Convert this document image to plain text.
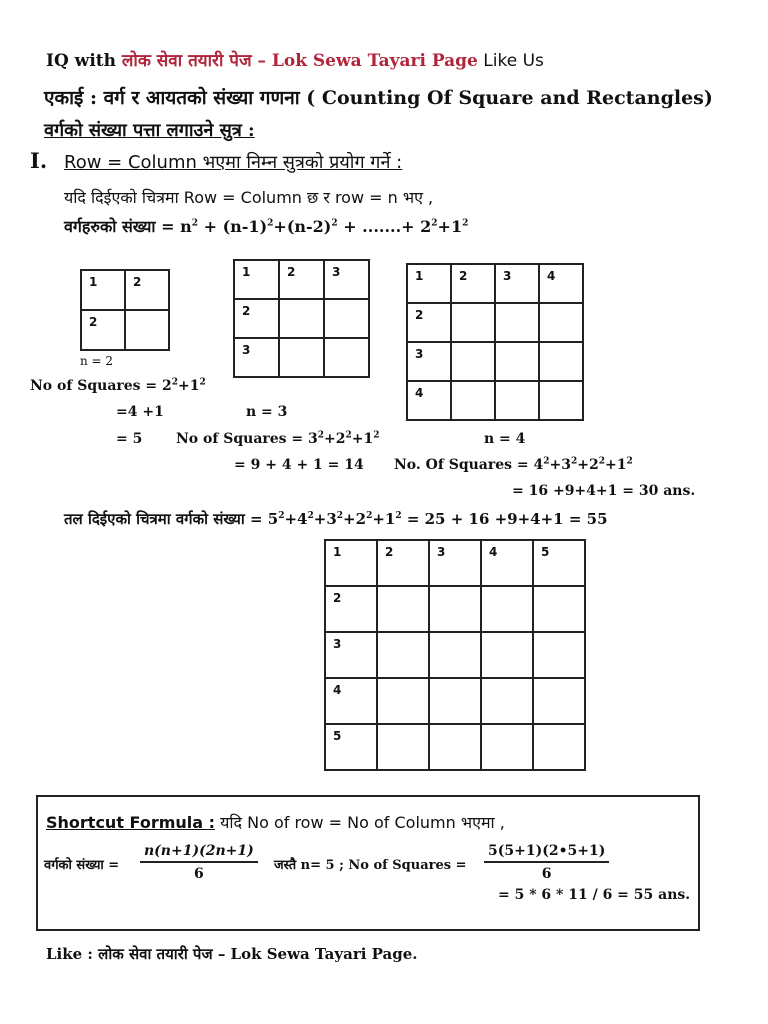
IQ with लोक सेवा तयारी पेज – Lok Sewa Tayari Page Like Us
एकाई : वर्ग र आयतको संख्या गणना ( Counting Of Square and Rectangles)
वर्गको संख्या पत्ता लगाउने सुत्र :
I. Row = Column भएमा निम्न सुत्रको प्रयोग गर्ने :
यदि दिईएको चित्रमा Row = Column छ र row = n भए ,
वर्गहरुको संख्या = $n^2 + (n-1)^2+(n-2)^2$ + .......+ $2^2+1^2$
1	2

2	

n = 2
No of Squares = $2^2+1^2$
=4 +1
= 5
1	2	3

2		

3		

n = 3
No of Squares = $3^2+2^2+1^2$
= 9 + 4 + 1 = 14
1	2	3	4

2			

3			

4			

n = 4
No. Of Squares = $4^2+3^2+2^2+1^2$
= 16 +9+4+1 = 30 ans.
तल दिईएको चित्रमा वर्गको संख्या = $5^2+4^2+3^2+2^2+1^2 = 25 + 16 +9+4+1 = 55$
1	2	3	4	5

2				

3				

4				

5				

Shortcut Formula : यदि No of row = No of Column भएमा ,
वर्गको संख्या = $\frac{n(n+1)(2n+1)}{6}$ जस्तै n= 5 ; No of Squares = $\frac{5(5+1)(2•5+1)}{6}$
= 5 * 6 * 11 / 6 = 55 ans.
Like : लोक सेवा तयारी पेज – Lok Sewa Tayari Page.
